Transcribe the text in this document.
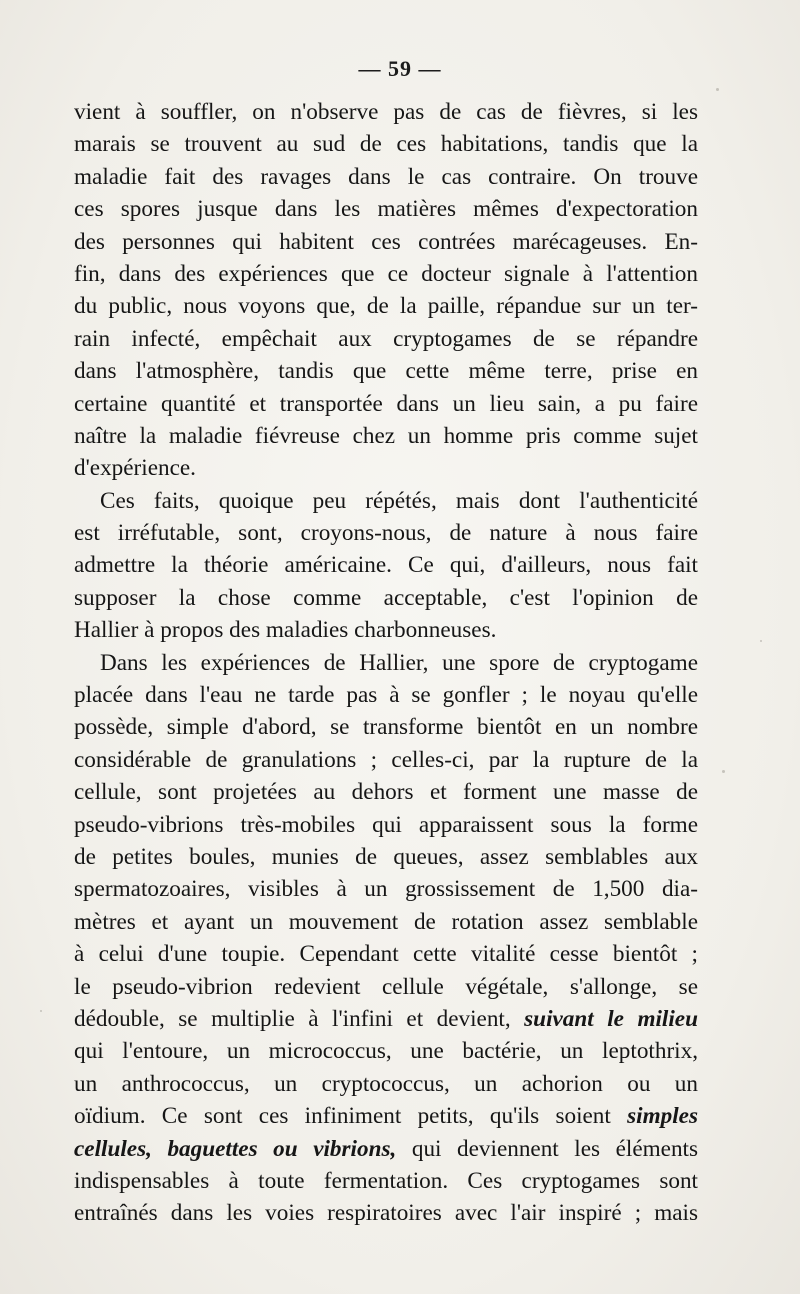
— 59 —
vient à souffler, on n'observe pas de cas de fièvres, si les
marais se trouvent au sud de ces habitations, tandis que la
maladie fait des ravages dans le cas contraire. On trouve
ces spores jusque dans les matières mêmes d'expectoration
des personnes qui habitent ces contrées marécageuses. En-
fin, dans des expériences que ce docteur signale à l'attention
du public, nous voyons que, de la paille, répandue sur un ter-
rain infecté, empêchait aux cryptogames de se répandre
dans l'atmosphère, tandis que cette même terre, prise en
certaine quantité et transportée dans un lieu sain, a pu faire
naître la maladie fiévreuse chez un homme pris comme sujet
d'expérience.
Ces faits, quoique peu répétés, mais dont l'authenticité
est irréfutable, sont, croyons-nous, de nature à nous faire
admettre la théorie américaine. Ce qui, d'ailleurs, nous fait
supposer la chose comme acceptable, c'est l'opinion de
Hallier à propos des maladies charbonneuses.
Dans les expériences de Hallier, une spore de cryptogame
placée dans l'eau ne tarde pas à se gonfler ; le noyau qu'elle
possède, simple d'abord, se transforme bientôt en un nombre
considérable de granulations ; celles-ci, par la rupture de la
cellule, sont projetées au dehors et forment une masse de
pseudo-vibrions très-mobiles qui apparaissent sous la forme
de petites boules, munies de queues, assez semblables aux
spermatozoaires, visibles à un grossissement de 1,500 dia-
mètres et ayant un mouvement de rotation assez semblable
à celui d'une toupie. Cependant cette vitalité cesse bientôt ;
le pseudo-vibrion redevient cellule végétale, s'allonge, se
dédouble, se multiplie à l'infini et devient, suivant le milieu
qui l'entoure, un micrococcus, une bactérie, un leptothrix,
un anthrococcus, un cryptococcus, un achorion ou un
oïdium. Ce sont ces infiniment petits, qu'ils soient simples
cellules, baguettes ou vibrions, qui deviennent les éléments
indispensables à toute fermentation. Ces cryptogames sont
entraînés dans les voies respiratoires avec l'air inspiré ; mais
